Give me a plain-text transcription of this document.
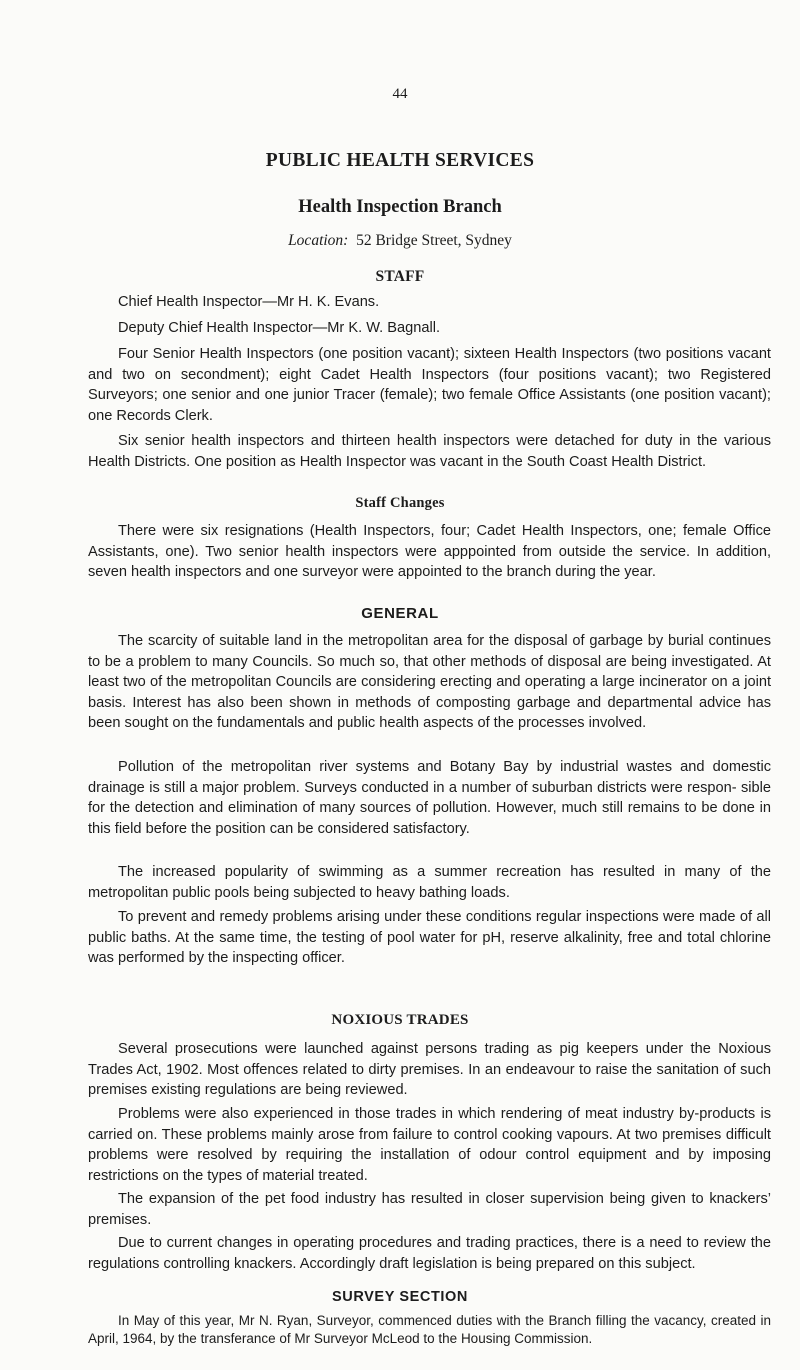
44
PUBLIC HEALTH SERVICES
Health Inspection Branch
Location: 52 Bridge Street, Sydney
STAFF

Chief Health Inspector—Mr H. K. Evans.

Deputy Chief Health Inspector—Mr K. W. Bagnall.

Four Senior Health Inspectors (one position vacant); sixteen Health Inspectors (two positions vacant and two on secondment); eight Cadet Health Inspectors (four positions vacant); two Registered Surveyors; one senior and one junior Tracer (female); two female Office Assistants (one position vacant); one Records Clerk.

Six senior health inspectors and thirteen health inspectors were detached for duty in the various Health Districts. One position as Health Inspector was vacant in the South Coast Health District.

Staff Changes

There were six resignations (Health Inspectors, four; Cadet Health Inspectors, one; female Office Assistants, one). Two senior health inspectors were apppointed from outside the service. In addition, seven health inspectors and one surveyor were appointed to the branch during the year.

GENERAL

The scarcity of suitable land in the metropolitan area for the disposal of garbage by burial continues to be a problem to many Councils. So much so, that other methods of disposal are being investigated. At least two of the metropolitan Councils are considering erecting and operating a large incinerator on a joint basis. Interest has also been shown in methods of composting garbage and departmental advice has been sought on the fundamentals and public health aspects of the processes involved.

Pollution of the metropolitan river systems and Botany Bay by industrial wastes and domestic drainage is still a major problem. Surveys conducted in a number of suburban districts were respon- sible for the detection and elimination of many sources of pollution. However, much still remains to be done in this field before the position can be considered satisfactory.

The increased popularity of swimming as a summer recreation has resulted in many of the metropolitan public pools being subjected to heavy bathing loads.

To prevent and remedy problems arising under these conditions regular inspections were made of all public baths. At the same time, the testing of pool water for pH, reserve alkalinity, free and total chlorine was performed by the inspecting officer.

NOXIOUS TRADES

Several prosecutions were launched against persons trading as pig keepers under the Noxious Trades Act, 1902. Most offences related to dirty premises. In an endeavour to raise the sanitation of such premises existing regulations are being reviewed.

Problems were also experienced in those trades in which rendering of meat industry by-products is carried on. These problems mainly arose from failure to control cooking vapours. At two premises difficult problems were resolved by requiring the installation of odour control equipment and by imposing restrictions on the types of material treated.

The expansion of the pet food industry has resulted in closer supervision being given to knackers’ premises.

Due to current changes in operating procedures and trading practices, there is a need to review the regulations controlling knackers. Accordingly draft legislation is being prepared on this subject.

SURVEY SECTION

In May of this year, Mr N. Ryan, Surveyor, commenced duties with the Branch filling the vacancy, created in April, 1964, by the transferance of Mr Surveyor McLeod to the Housing Commission.
